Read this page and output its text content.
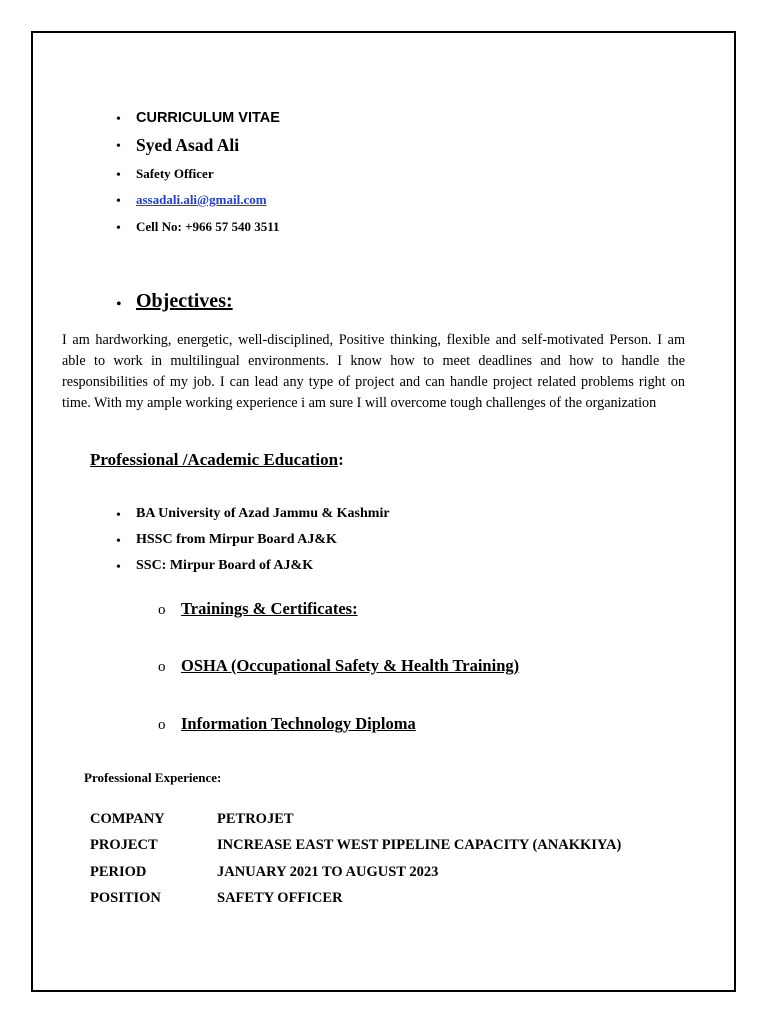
• CURRICULUM VITAE
• Syed Asad Ali
• Safety Officer
• assadali.ali@gmail.com
• Cell No: +966 57 540 3511
• Objectives:
I am hardworking, energetic, well-disciplined, Positive thinking, flexible and self-motivated Person. I am able to work in multilingual environments. I know how to meet deadlines and how to handle the responsibilities of my job. I can lead any type of project and can handle project related problems right on time. With my ample working experience i am sure I will overcome tough challenges of the organization
Professional /Academic Education:
• BA University of Azad Jammu & Kashmir
• HSSC from Mirpur Board AJ&K
• SSC: Mirpur Board of AJ&K
o Trainings & Certificates:
o OSHA (Occupational Safety & Health Training)
o Information Technology Diploma
Professional Experience:
COMPANY	PETROJET
PROJECT	INCREASE EAST WEST PIPELINE CAPACITY (ANAKKIYA)
PERIOD	JANUARY 2021 TO AUGUST 2023
POSITION	SAFETY OFFICER
